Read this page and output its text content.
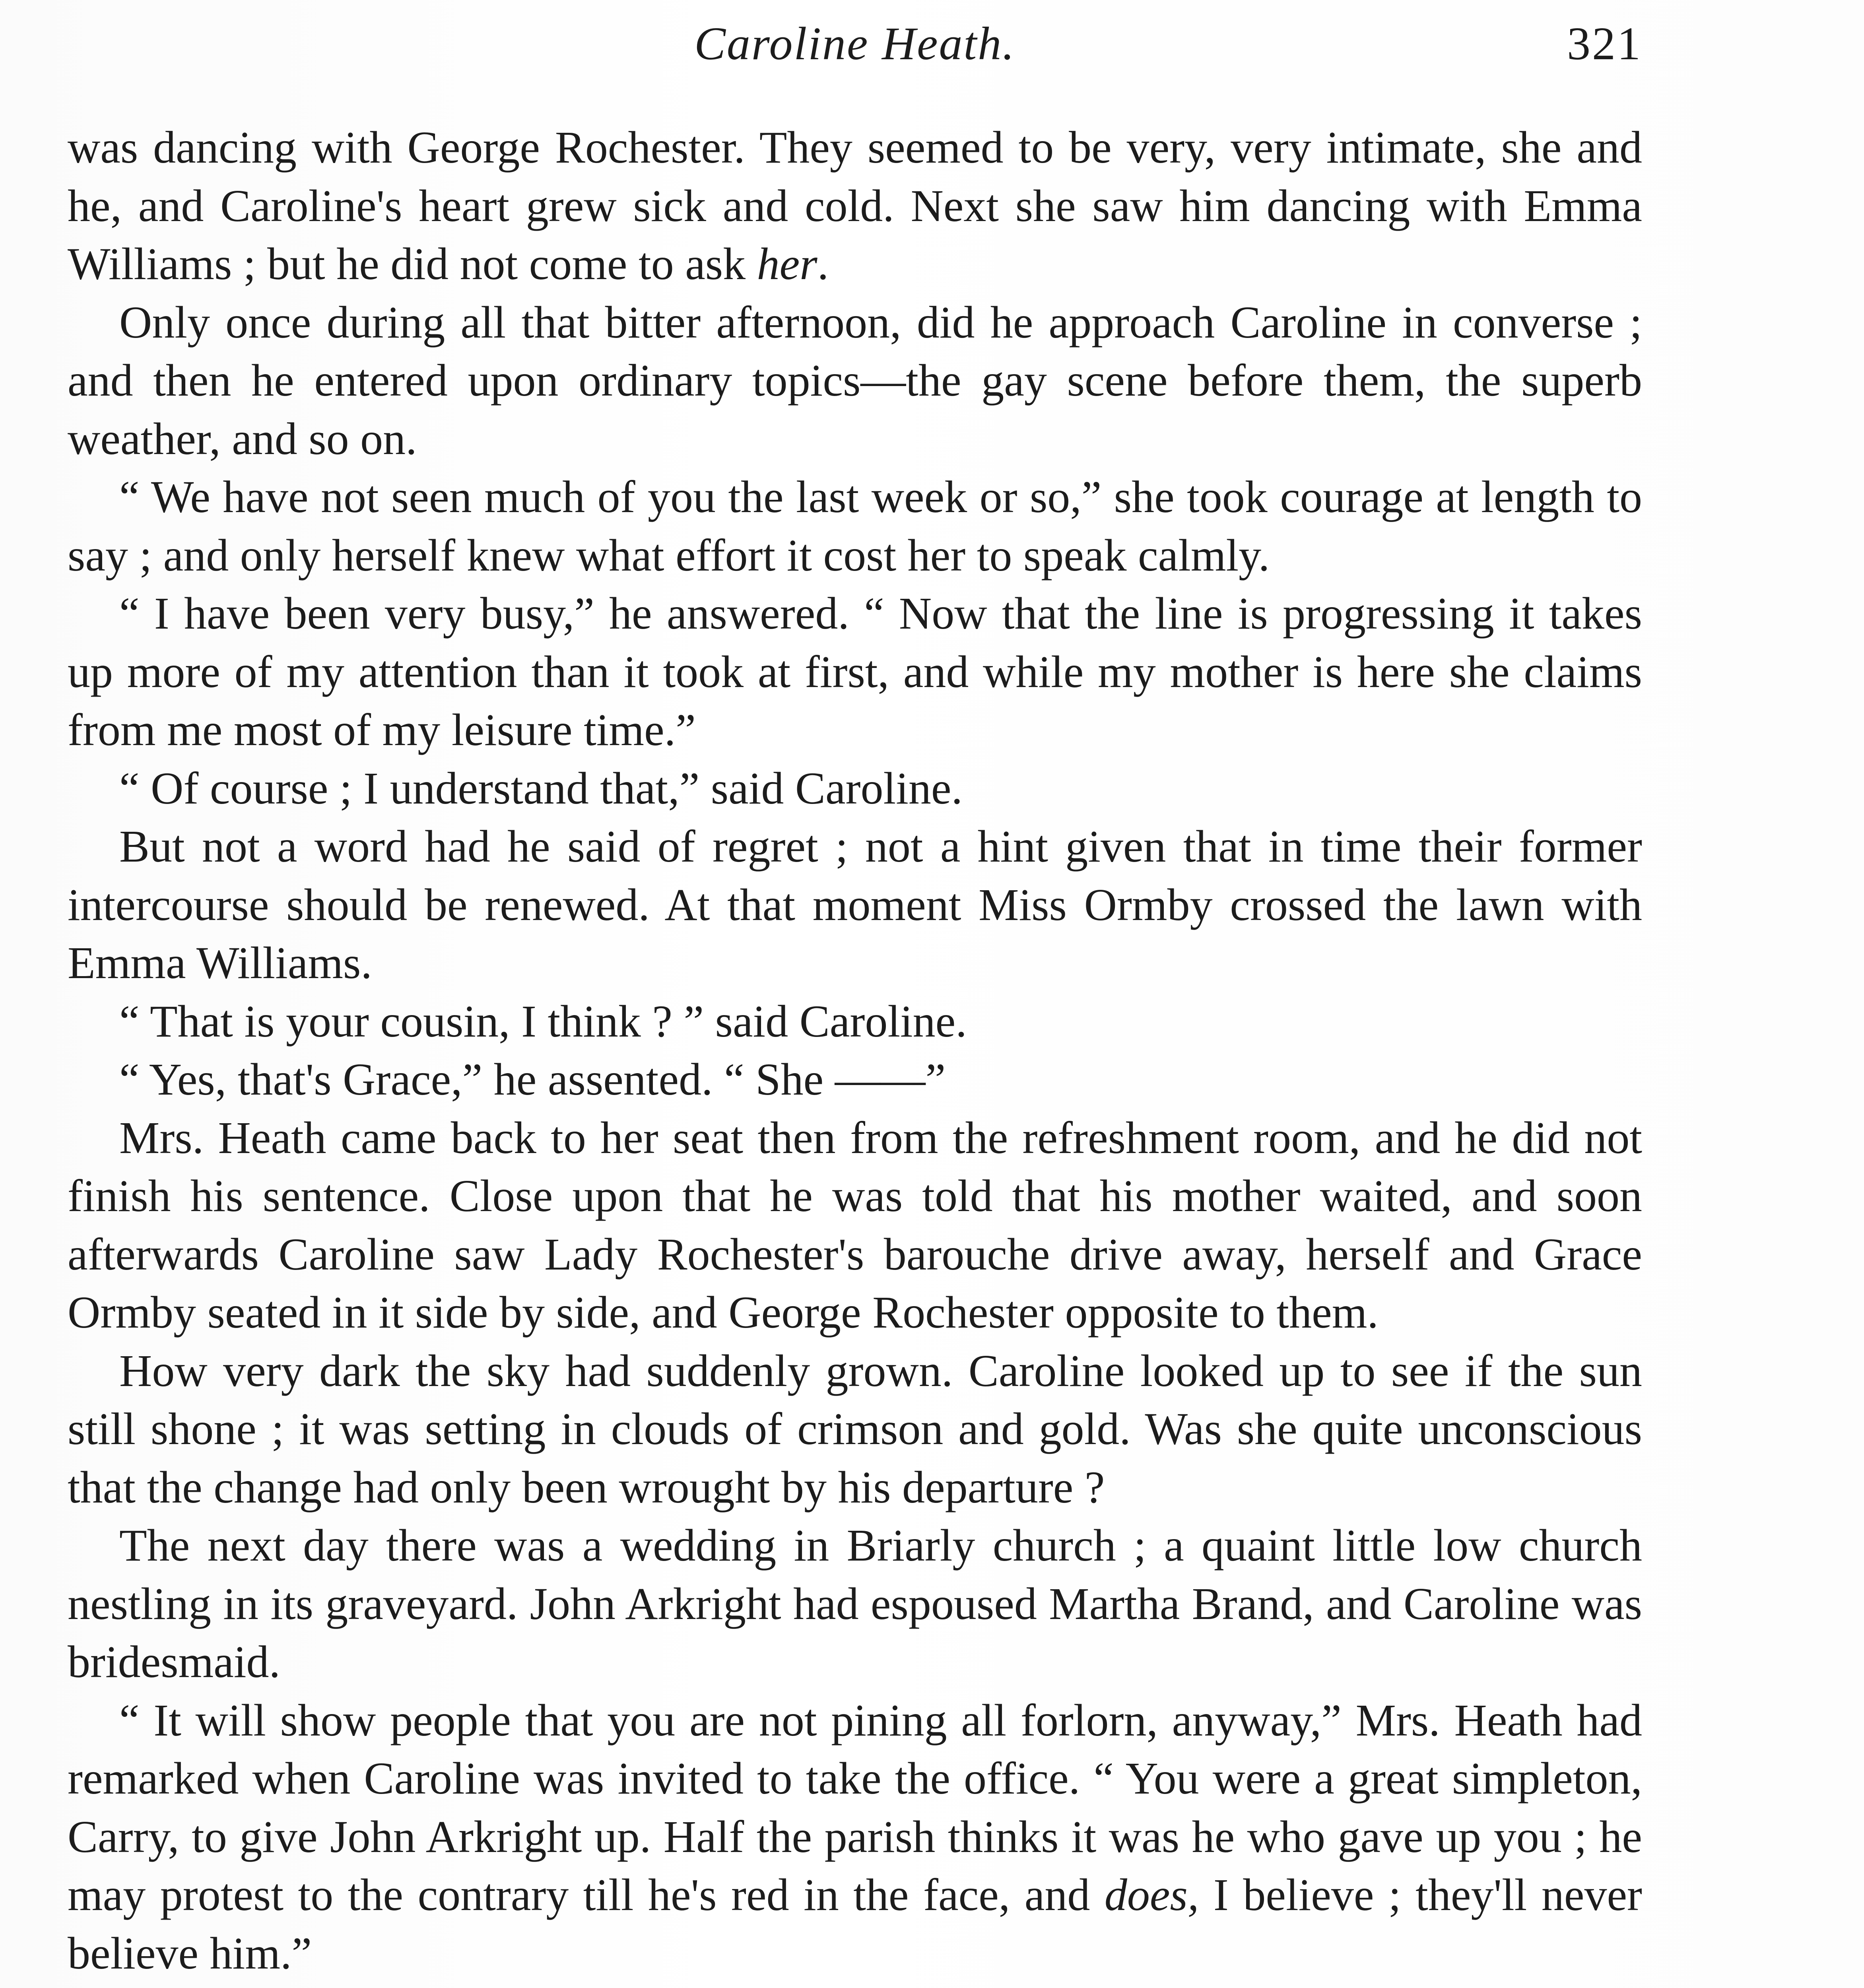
Caroline Heath.	321

was dancing with George Rochester. They seemed to be very, very intimate, she and he, and Caroline's heart grew sick and cold. Next she saw him dancing with Emma Williams ; but he did not come to ask her.

Only once during all that bitter afternoon, did he approach Caroline in converse ; and then he entered upon ordinary topics—the gay scene before them, the superb weather, and so on.

“ We have not seen much of you the last week or so,” she took courage at length to say ; and only herself knew what effort it cost her to speak calmly.

“ I have been very busy,” he answered. “ Now that the line is progressing it takes up more of my attention than it took at first, and while my mother is here she claims from me most of my leisure time.”

“ Of course ; I understand that,” said Caroline.

But not a word had he said of regret ; not a hint given that in time their former intercourse should be renewed. At that moment Miss Ormby crossed the lawn with Emma Williams.

“ That is your cousin, I think ? ” said Caroline.

“ Yes, that's Grace,” he assented. “ She ——”

Mrs. Heath came back to her seat then from the refreshment room, and he did not finish his sentence. Close upon that he was told that his mother waited, and soon afterwards Caroline saw Lady Rochester's barouche drive away, herself and Grace Ormby seated in it side by side, and George Rochester opposite to them.

How very dark the sky had suddenly grown. Caroline looked up to see if the sun still shone ; it was setting in clouds of crimson and gold. Was she quite unconscious that the change had only been wrought by his departure ?

The next day there was a wedding in Briarly church ; a quaint little low church nestling in its graveyard. John Arkright had espoused Martha Brand, and Caroline was bridesmaid.

“ It will show people that you are not pining all forlorn, anyway,” Mrs. Heath had remarked when Caroline was invited to take the office. “ You were a great simpleton, Carry, to give John Arkright up. Half the parish thinks it was he who gave up you ; he may protest to the contrary till he's red in the face, and does, I believe ; they'll never believe him.”
